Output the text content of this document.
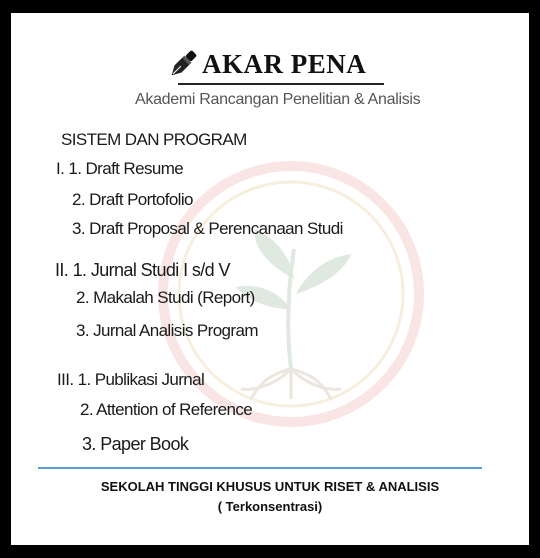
AKAR PENA
Akademi Rancangan Penelitian & Analisis
SISTEM DAN PROGRAM
I. 1. Draft Resume
2. Draft Portofolio
3. Draft Proposal & Perencanaan Studi
II. 1. Jurnal Studi I s/d V
2. Makalah Studi (Report)
3. Jurnal Analisis Program
III. 1. Publikasi Jurnal
2. Attention of Reference
3. Paper Book
SEKOLAH TINGGI KHUSUS UNTUK RISET & ANALISIS
( Terkonsentrasi)
